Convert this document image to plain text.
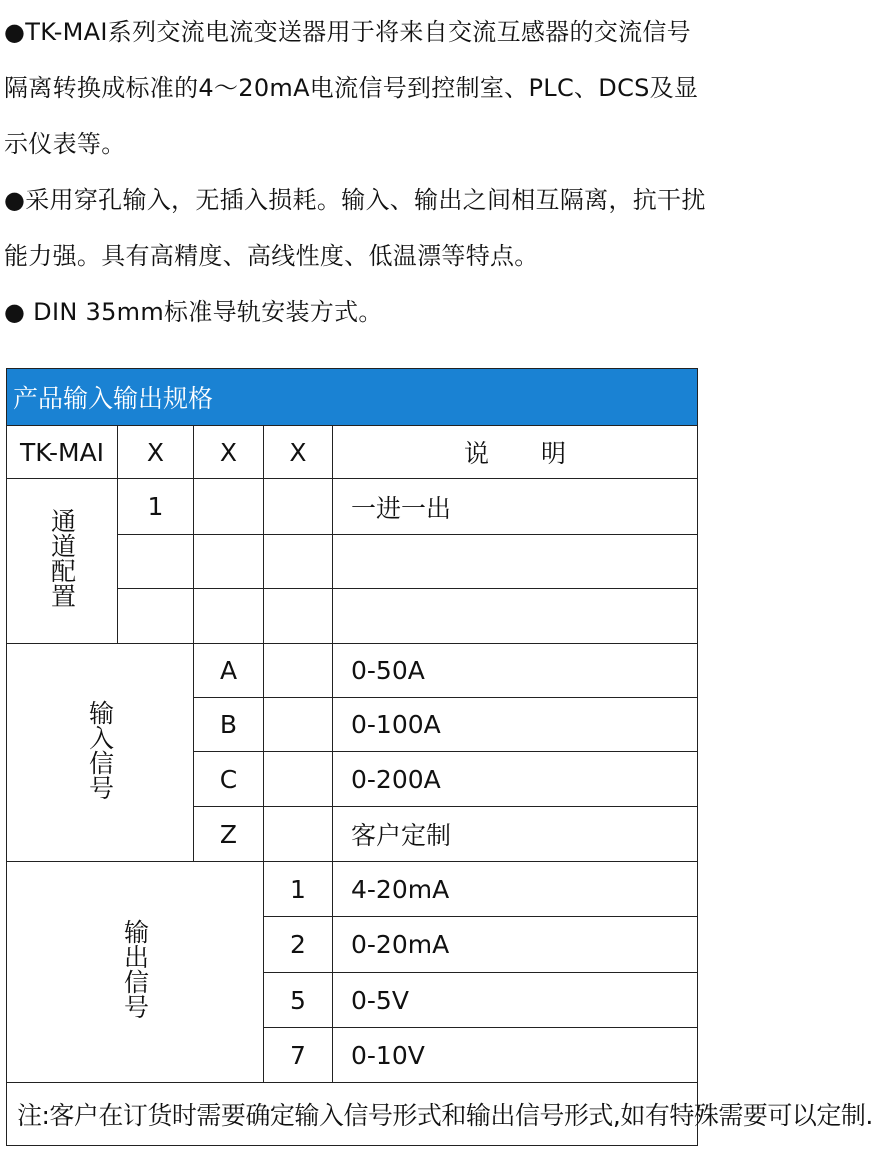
●TK-MAI系列交流电流变送器用于将来自交流互感器的交流信号

隔离转换成标准的4～20mA电流信号到控制室、PLC、DCS及显

示仪表等。

●采用穿孔输入，无插入损耗。输入、输出之间相互隔离，抗干扰

能力强。具有高精度、高线性度、低温漂等特点。

● DIN 35mm标准导轨安装方式。

产品输入输出规格				
TK-MAI	X	X	X	说 明
通道配置	1			一进一出

输入信号		A		0-50A
		B		0-100A
		C		0-200A
		Z		客户定制
输出信号			1	4-20mA
			2	0-20mA
			5	0-5V
			7	0-10V
注:客户在订货时需要确定输入信号形式和输出信号形式,如有特殊需要可以定制.				
